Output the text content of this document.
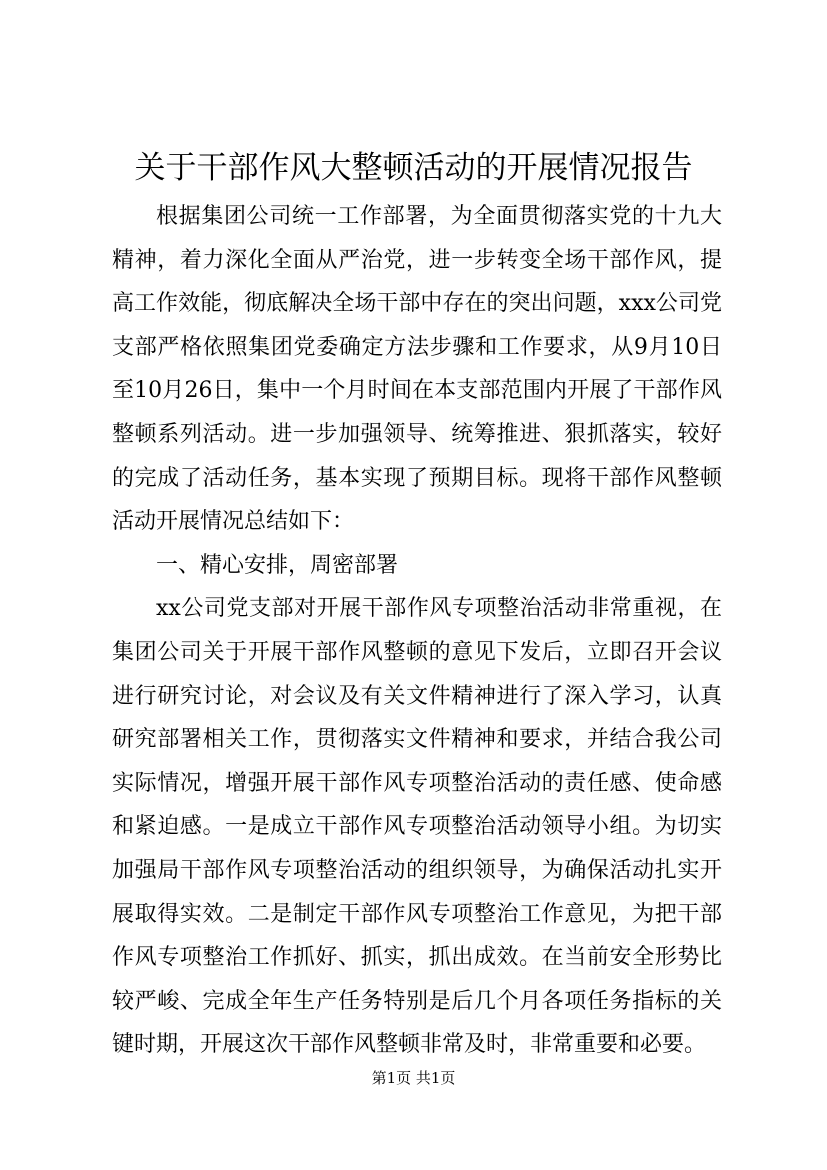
关于干部作风大整顿活动的开展情况报告

根据集团公司统一工作部署，为全面贯彻落实党的十九大精神，着力深化全面从严治党，进一步转变全场干部作风，提高工作效能，彻底解决全场干部中存在的突出问题，xxx公司党支部严格依照集团党委确定方法步骤和工作要求，从9月10日至10月26日，集中一个月时间在本支部范围内开展了干部作风整顿系列活动。进一步加强领导、统筹推进、狠抓落实，较好的完成了活动任务，基本实现了预期目标。现将干部作风整顿活动开展情况总结如下：

一、精心安排，周密部署

xx公司党支部对开展干部作风专项整治活动非常重视，在集团公司关于开展干部作风整顿的意见下发后，立即召开会议进行研究讨论，对会议及有关文件精神进行了深入学习，认真研究部署相关工作，贯彻落实文件精神和要求，并结合我公司实际情况，增强开展干部作风专项整治活动的责任感、使命感和紧迫感。一是成立干部作风专项整治活动领导小组。为切实加强局干部作风专项整治活动的组织领导，为确保活动扎实开展取得实效。二是制定干部作风专项整治工作意见，为把干部作风专项整治工作抓好、抓实，抓出成效。在当前安全形势比较严峻、完成全年生产任务特别是后几个月各项任务指标的关键时期，开展这次干部作风整顿非常及时，非常重要和必要。

第1页 共1页
